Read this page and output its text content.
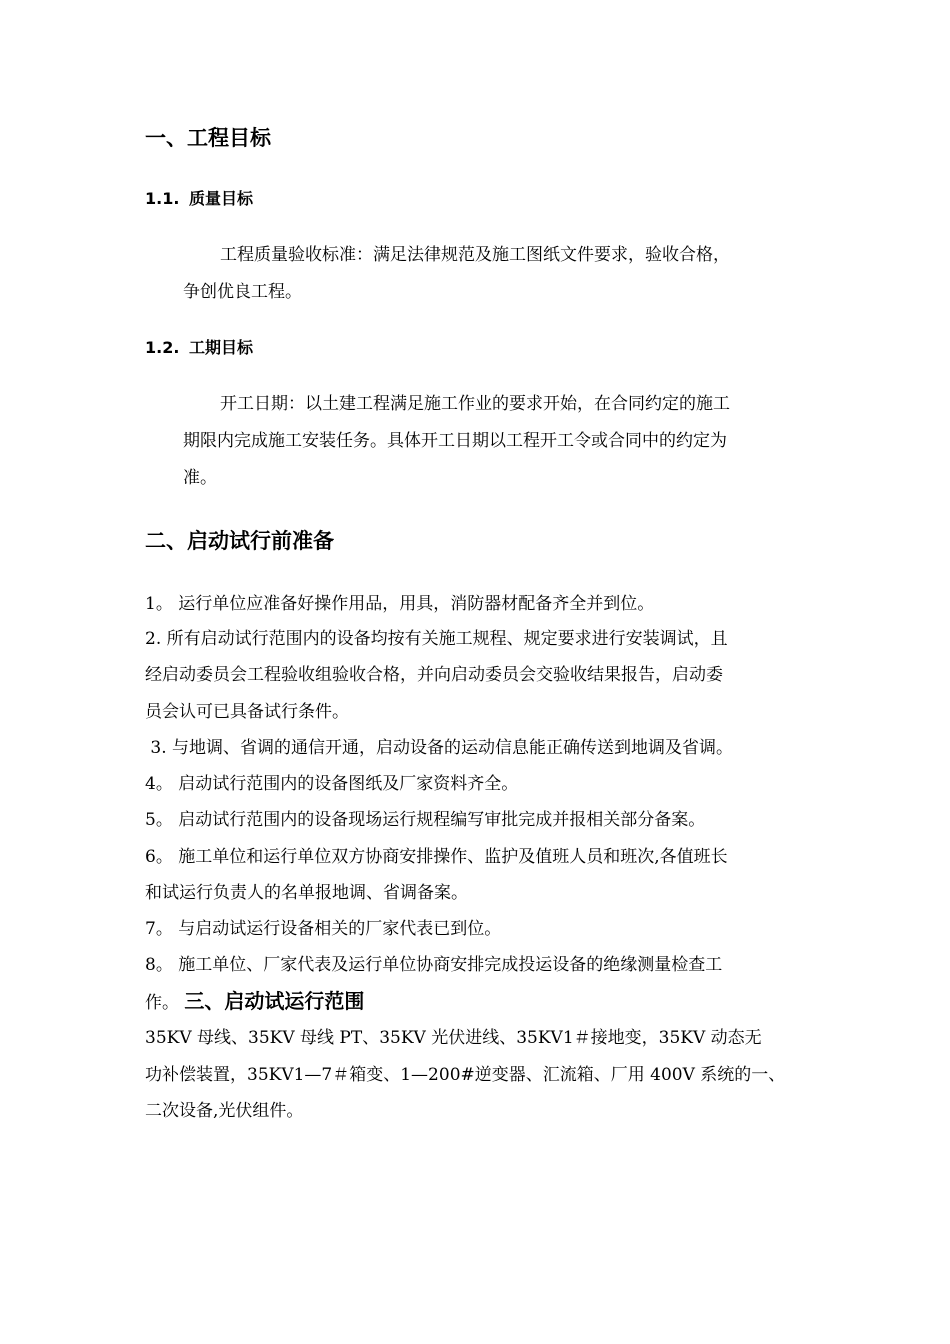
一、工程目标
1.1. 质量目标
工程质量验收标准：满足法律规范及施工图纸文件要求，验收合格，
争创优良工程。
1.2. 工期目标
开工日期：以土建工程满足施工作业的要求开始，在合同约定的施工
期限内完成施工安装任务。具体开工日期以工程开工令或合同中的约定为
准。
二、启动试行前准备
1。 运行单位应准备好操作用品，用具，消防器材配备齐全并到位。
2. 所有启动试行范围内的设备均按有关施工规程、规定要求进行安装调试，且
经启动委员会工程验收组验收合格，并向启动委员会交验收结果报告，启动委
员会认可已具备试行条件。
3. 与地调、省调的通信开通，启动设备的运动信息能正确传送到地调及省调。
4。 启动试行范围内的设备图纸及厂家资料齐全。
5。 启动试行范围内的设备现场运行规程编写审批完成并报相关部分备案。
6。 施工单位和运行单位双方协商安排操作、监护及值班人员和班次,各值班长
和试运行负责人的名单报地调、省调备案。
7。 与启动试运行设备相关的厂家代表已到位。
8。 施工单位、厂家代表及运行单位协商安排完成投运设备的绝缘测量检查工
作。 三、启动试运行范围
35KV 母线、35KV 母线 PT、35KV 光伏进线、35KV1＃接地变，35KV 动态无
功补偿装置，35KV1—7＃箱变、1—200#逆变器、汇流箱、厂用 400V 系统的一、
二次设备,光伏组件。
